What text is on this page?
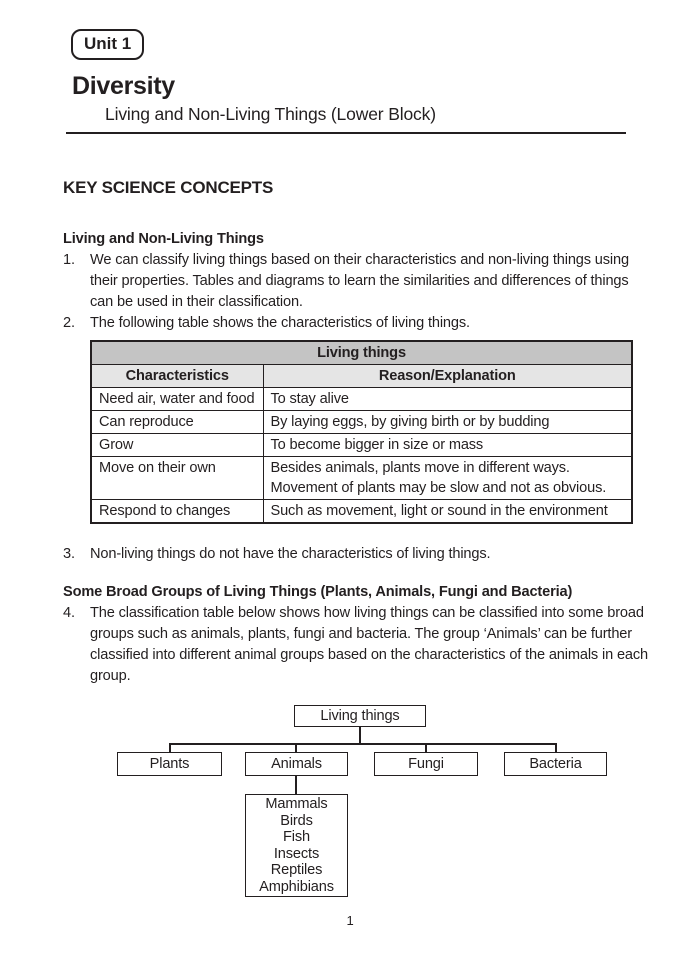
Unit 1
Diversity
Living and Non-Living Things (Lower Block)
KEY SCIENCE CONCEPTS
Living and Non-Living Things
1.	We can classify living things based on their characteristics and non-living things using their properties. Tables and diagrams to learn the similarities and differences of things can be used in their classification.
2.	The following table shows the characteristics of living things.
Living things	
Characteristics	Reason/Explanation
Need air, water and food	To stay alive
Can reproduce	By laying eggs, by giving birth or by budding
Grow	To become bigger in size or mass
Move on their own	Besides animals, plants move in different ways.
Movement of plants may be slow and not as obvious.

Respond to changes	Such as movement, light or sound in the environment
3.	Non-living things do not have the characteristics of living things.
Some Broad Groups of Living Things (Plants, Animals, Fungi and Bacteria)
4.	The classification table below shows how living things can be classified into some broad groups such as animals, plants, fungi and bacteria. The group ‘Animals’ can be further classified into different animal groups based on the characteristics of the animals in each group.
Living things
Plants	Animals	Fungi	Bacteria
Mammals
Birds
Fish
Insects
Reptiles
Amphibians
1
